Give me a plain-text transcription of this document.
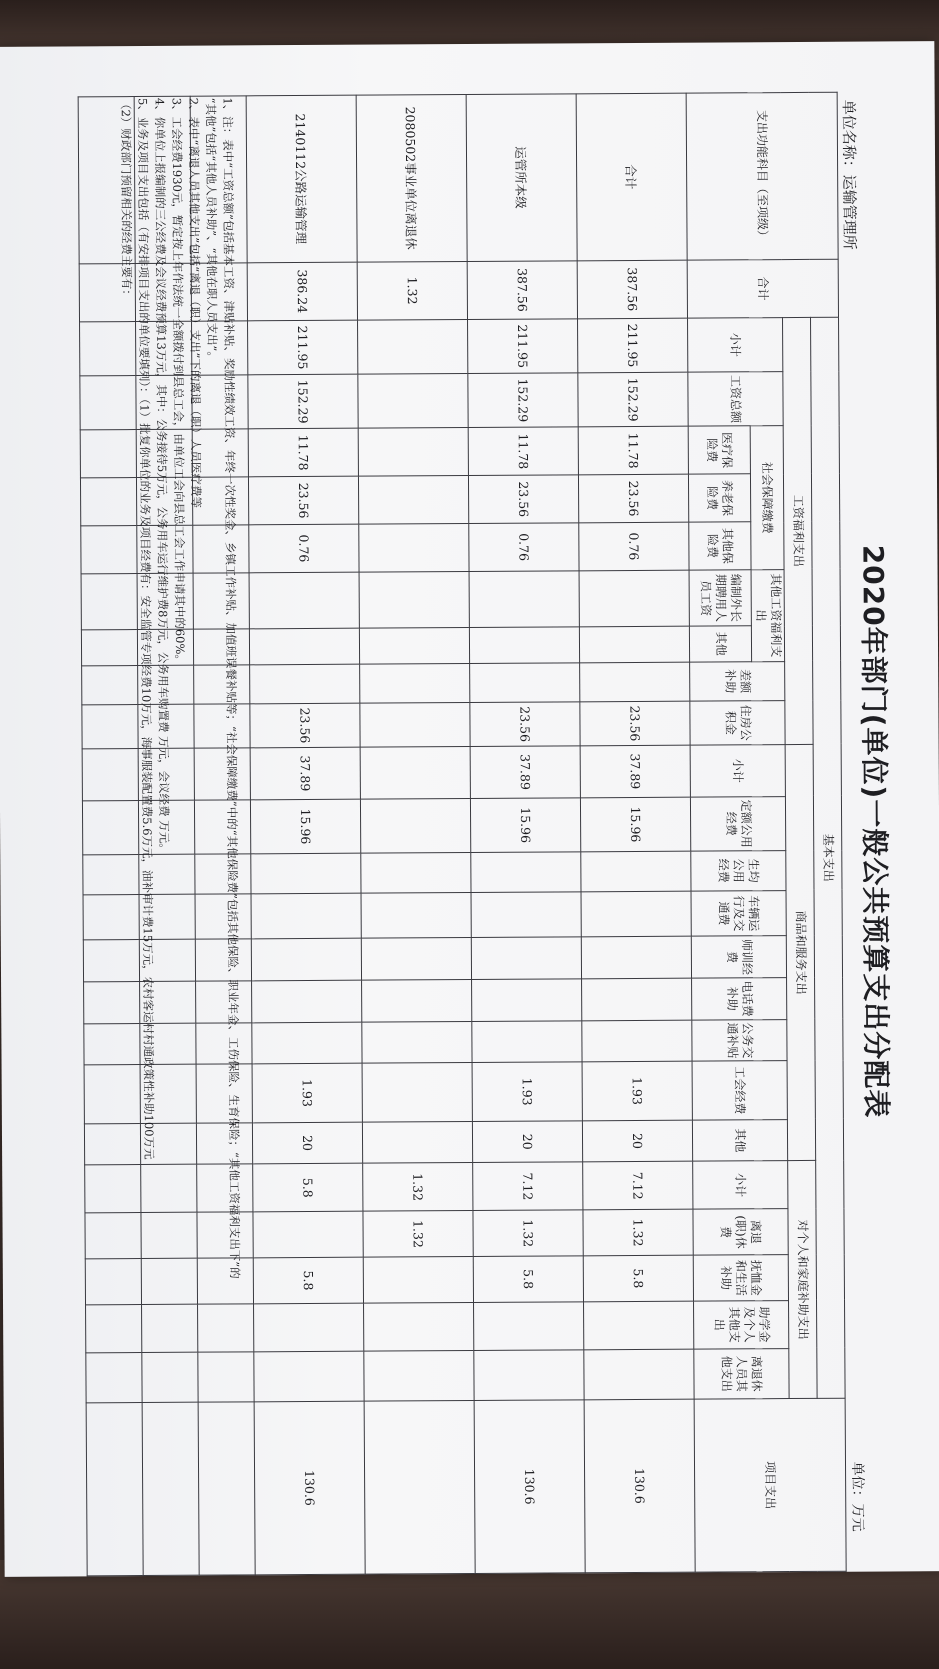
2020年部门(单位)一般公共预算支出分配表
单位名称：运输管理所
单位：万元
支出功能科目（至项级）	合计	基本支出																							项目支出
		工资福利支出									商品和服务支出									对个人和家庭补助支出					
		小计	工资总额	社会保障缴费			其他工资福利支出		差额补助	住房公积金	小计	定额公用经费	生均公用经费	车辆运行及交通费	师训经费	电话费补助	公务交通补贴	工会经费	其他	小计	离退(职)休费	抚恤金和生活补助	助学金及个人其他支出	离退休人员其他支出	
				医疗保险费	养老保险费	其他保险费	编制外长期聘用人员工资	其他																	
合计	387.56	211.95	152.29	11.78	23.56	0.76				23.56	37.89	15.96						1.93	20	7.12	1.32	5.8			130.6
运管所本级	387.56	211.95	152.29	11.78	23.56	0.76				23.56	37.89	15.96						1.93	20	7.12	1.32	5.8			130.6
2080502事业单位离退休	1.32																			1.32	1.32				
2140112公路运输管理	386.24	211.95	152.29	11.78	23.56	0.76				23.56	37.89	15.96						1.93	20	5.8		5.8			130.6

1、注：表中“工资总额”包括基本工资、津贴补贴、奖励性绩效工资、年终一次性奖金、乡镇工作补贴、加值班误餐补贴等；“社会保障缴费”中的“其他保险费”包括其他保险、职业年金、工伤保险、生育保险；“其他工资福利支出下”的
“其他”包括“其他人员补助”、“其他在职人员支出”。
2、表中“离退人员其他支出”包括“离退（职）支出”下的离退（职）人员医疗费等
3、工会经费1930元，暂定按上年作法统一全额拨付到县总工会，由单位工会向县总工会工作申请其中的60%。
4、你单位上报编制的三公经费及会议经费预算13万元，其中：公务接待5万元，公务用车运行维护费8万元，公务用车购置费 万元，会议经费 万元。
5、业务及项目支出包括（有安排项目支出的单位要填列）：（1）批复你单位的业务及项目经费有：安全监管专项经费10万元，海事服装配置费5.6万元，油补审计费15万元，农村客运村村通政策性补助100万元
（2）财政部门预留相关的经费主要有：
